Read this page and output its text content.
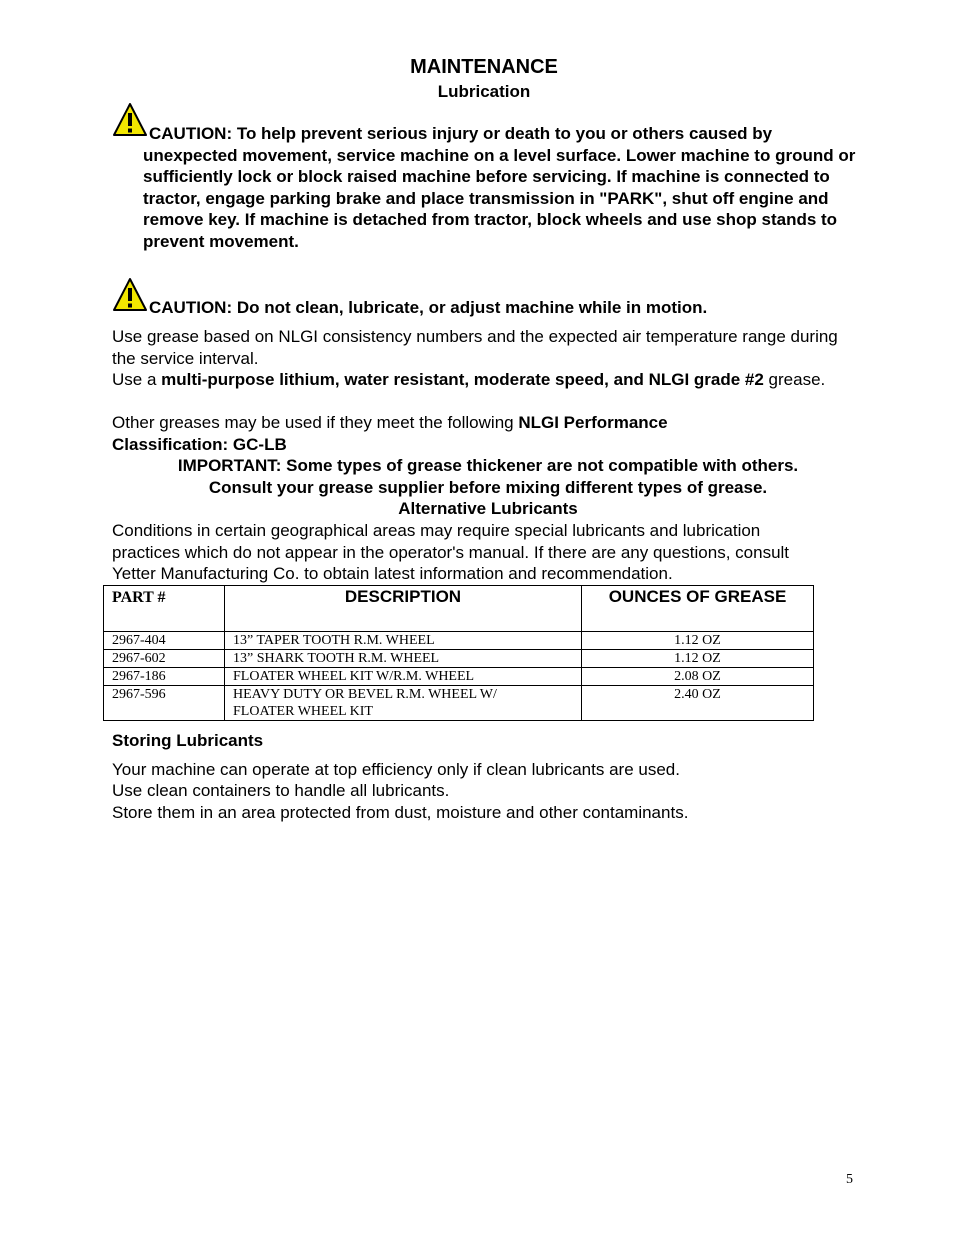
MAINTENANCE
Lubrication

CAUTION: To help prevent serious injury or death to you or others caused by unexpected movement, service machine on a level surface. Lower machine to ground or sufficiently lock or block raised machine before servicing. If machine is connected to tractor, engage parking brake and place transmission in "PARK", shut off engine and remove key. If machine is detached from tractor, block wheels and use shop stands to prevent movement.

CAUTION: Do not clean, lubricate, or adjust machine while in motion.

Use grease based on NLGI consistency numbers and the expected air temperature range during the service interval.

Use a multi-purpose lithium, water resistant, moderate speed, and NLGI grade #2 grease.

Other greases may be used if they meet the following NLGI Performance Classification: GC-LB

IMPORTANT: Some types of grease thickener are not compatible with others.

Consult your grease supplier before mixing different types of grease.

Alternative Lubricants

Conditions in certain geographical areas may require special lubricants and lubrication practices which do not appear in the operator's manual. If there are any questions, consult Yetter Manufacturing Co. to obtain latest information and recommendation.

PART #	DESCRIPTION	OUNCES OF GREASE
2967-404	13” TAPER TOOTH R.M. WHEEL	1.12 OZ
2967-602	13” SHARK TOOTH R.M. WHEEL	1.12 OZ
2967-186	FLOATER WHEEL KIT W/R.M. WHEEL	2.08 OZ
2967-596	HEAVY DUTY OR BEVEL R.M. WHEEL W/ FLOATER WHEEL KIT	2.40 OZ

Storing Lubricants

Your machine can operate at top efficiency only if clean lubricants are used.

Use clean containers to handle all lubricants.

Store them in an area protected from dust, moisture and other contaminants.

5
